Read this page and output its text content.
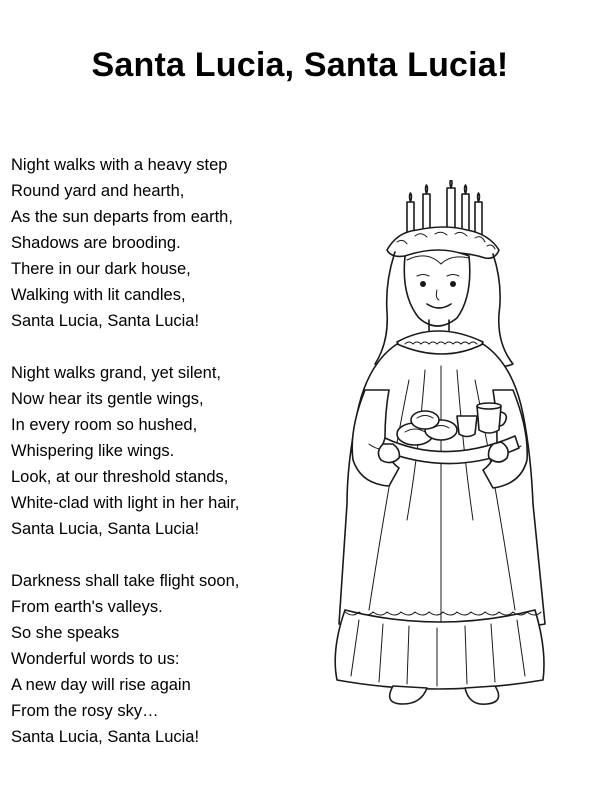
Santa Lucia, Santa Lucia!
Night walks with a heavy step
Round yard and hearth,
As the sun departs from earth,
Shadows are brooding.
There in our dark house,
Walking with lit candles,
Santa Lucia, Santa Lucia!
Night walks grand, yet silent,
Now hear its gentle wings,
In every room so hushed,
Whispering like wings.
Look, at our threshold stands,
White-clad with light in her hair,
Santa Lucia, Santa Lucia!
Darkness shall take flight soon,
From earth's valleys.
So she speaks
Wonderful words to us:
A new day will rise again
From the rosy sky…
Santa Lucia, Santa Lucia!
